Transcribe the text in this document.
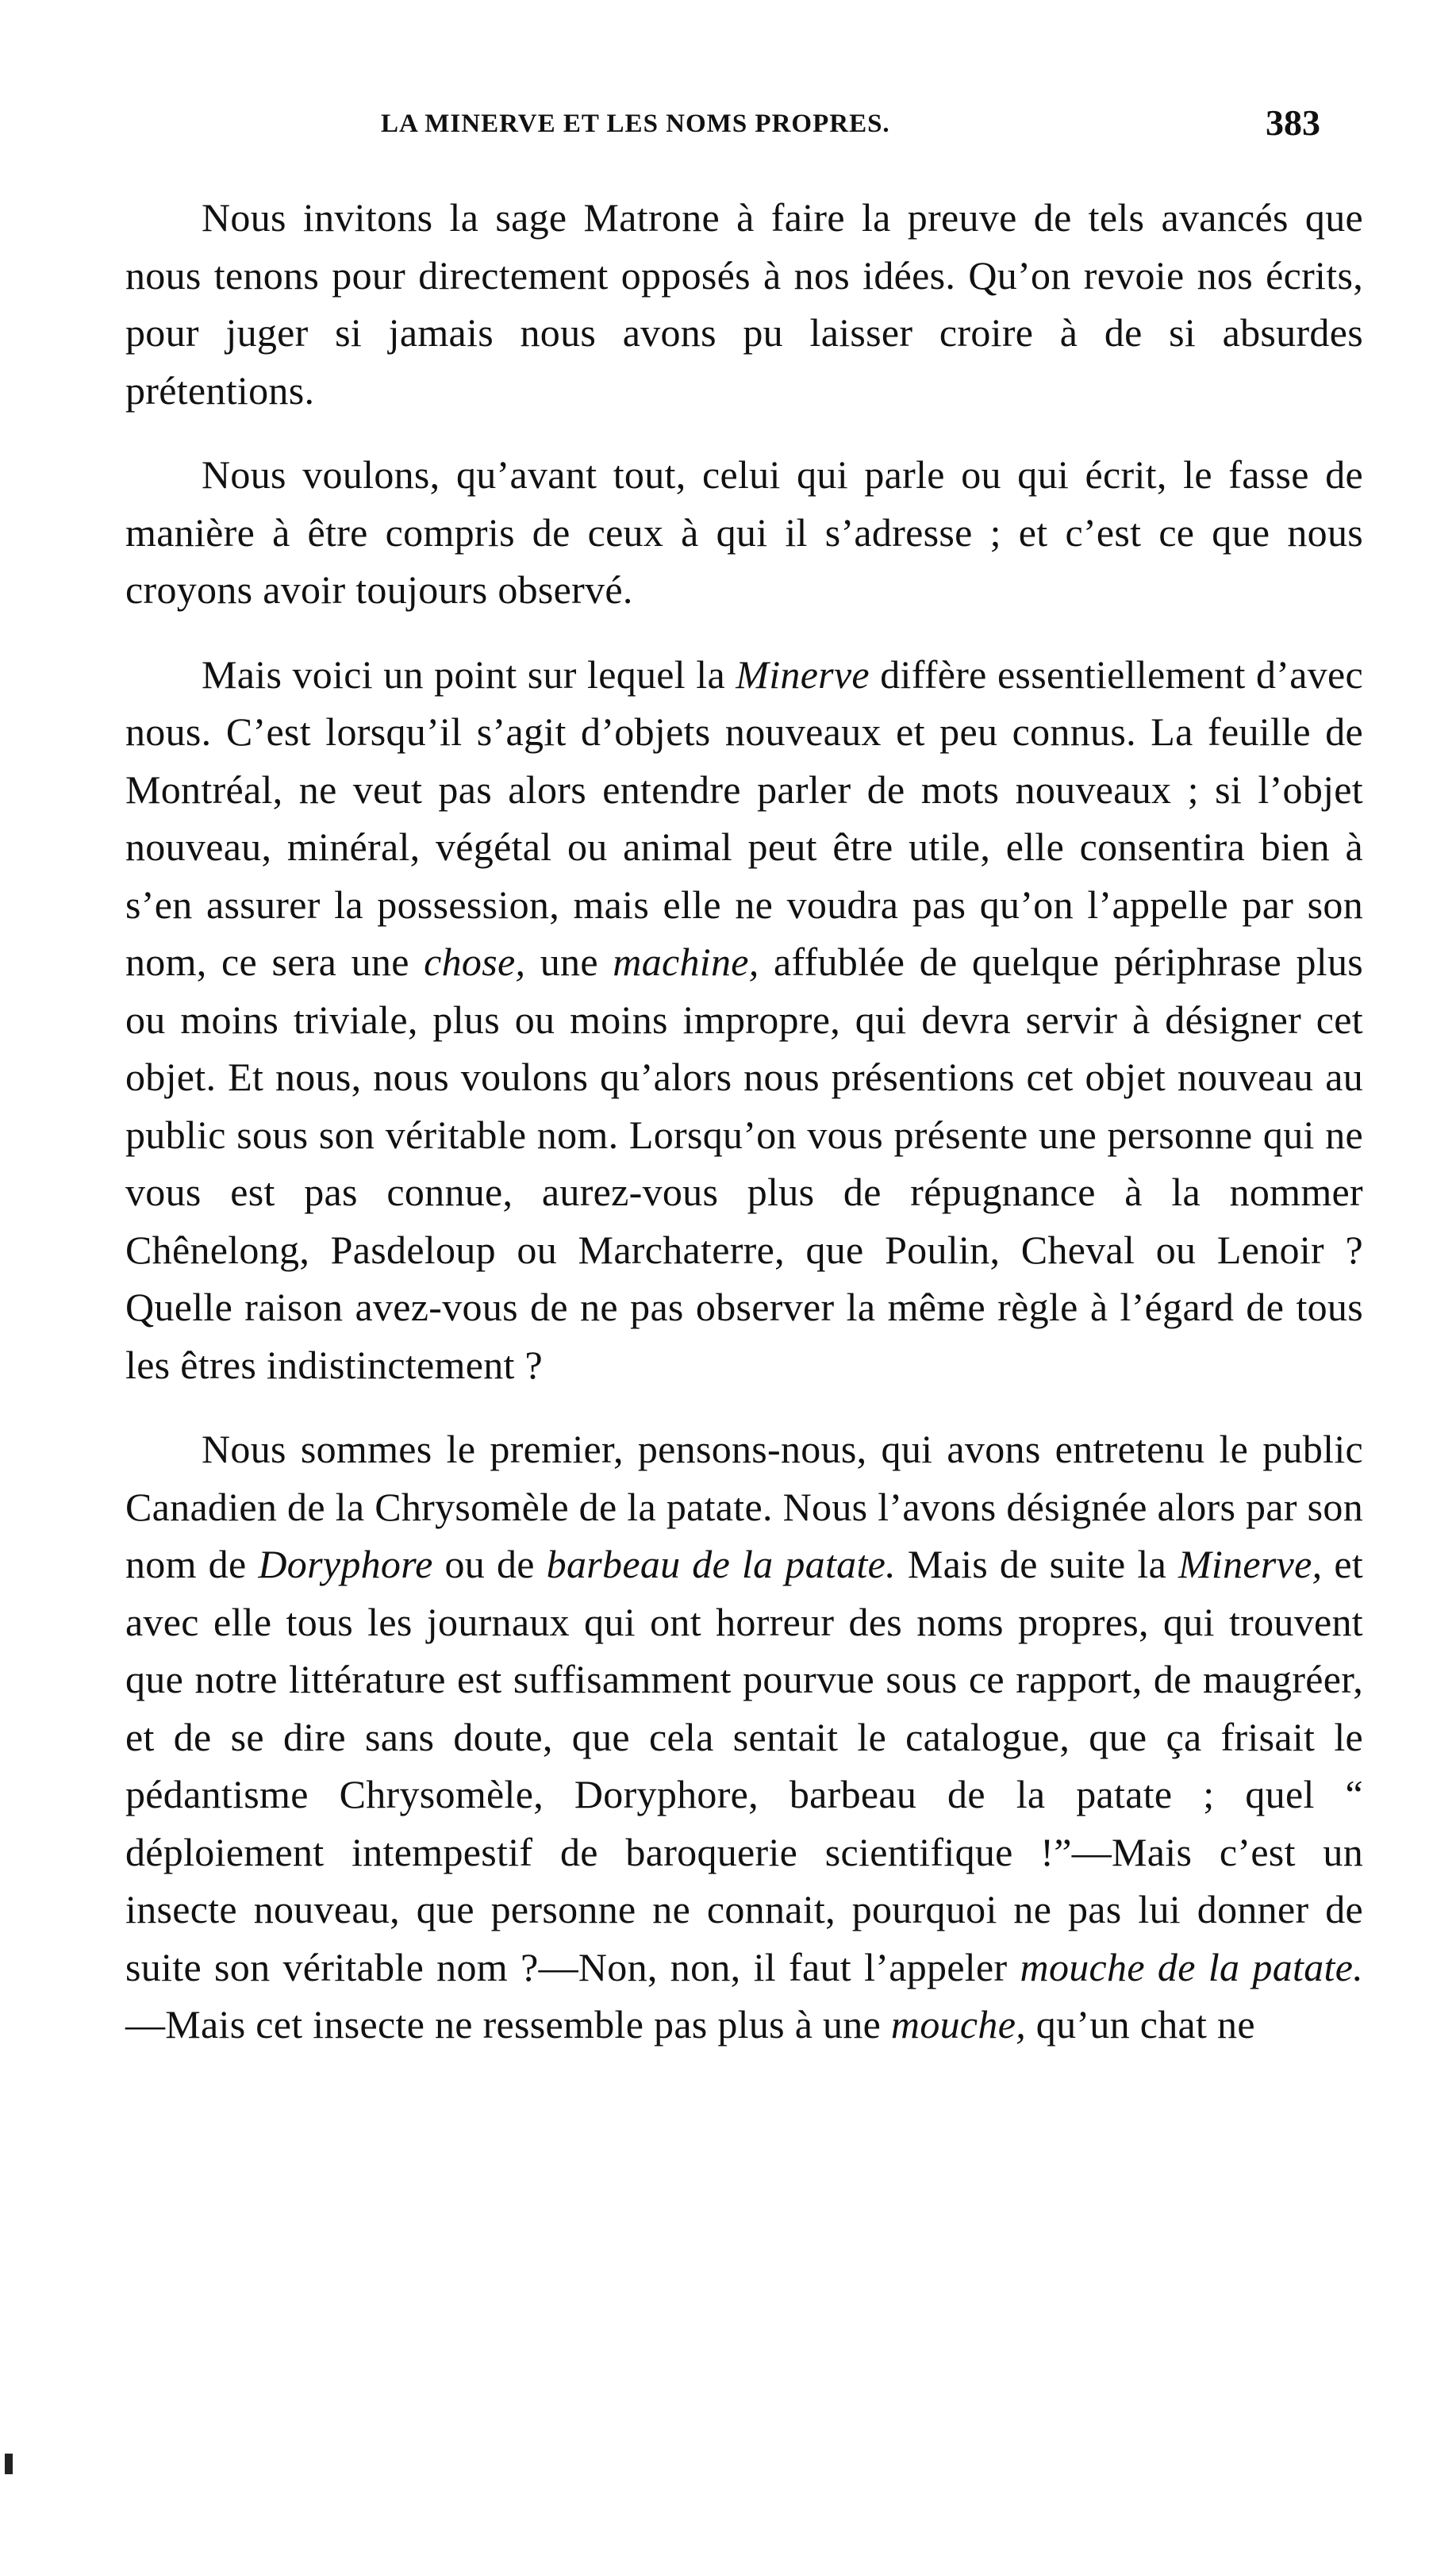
LA MINERVE ET LES NOMS PROPRES.	383

Nous invitons la sage Matrone à faire la preuve de tels avancés que nous tenons pour directement opposés à nos idées. Qu’on revoie nos écrits, pour juger si jamais nous avons pu laisser croire à de si absurdes prétentions.

Nous voulons, qu’avant tout, celui qui parle ou qui écrit, le fasse de manière à être compris de ceux à qui il s’adresse ; et c’est ce que nous croyons avoir toujours observé.

Mais voici un point sur lequel la Minerve diffère essentiellement d’avec nous. C’est lorsqu’il s’agit d’objets nouveaux et peu connus. La feuille de Montréal, ne veut pas alors entendre parler de mots nouveaux ; si l’objet nouveau, minéral, végétal ou animal peut être utile, elle consentira bien à s’en assurer la possession, mais elle ne voudra pas qu’on l’appelle par son nom, ce sera une chose, une machine, affublée de quelque périphrase plus ou moins triviale, plus ou moins impropre, qui devra servir à désigner cet objet. Et nous, nous voulons qu’alors nous présentions cet objet nouveau au public sous son véritable nom. Lorsqu’on vous présente une personne qui ne vous est pas connue, aurez-vous plus de répugnance à la nommer Chênelong, Pasdeloup ou Marchaterre, que Poulin, Cheval ou Lenoir ? Quelle raison avez-vous de ne pas observer la même règle à l’égard de tous les êtres indistinctement ?

Nous sommes le premier, pensons-nous, qui avons entretenu le public Canadien de la Chrysomèle de la patate. Nous l’avons désignée alors par son nom de Doryphore ou de barbeau de la patate. Mais de suite la Minerve, et avec elle tous les journaux qui ont horreur des noms propres, qui trouvent que notre littérature est suffisamment pourvue sous ce rapport, de maugréer, et de se dire sans doute, que cela sentait le catalogue, que ça frisait le pédantisme Chrysomèle, Doryphore, barbeau de la patate ; quel “ déploiement intempestif de baroquerie scientifique !”—Mais c’est un insecte nouveau, que personne ne connait, pourquoi ne pas lui donner de suite son véritable nom ?—Non, non, il faut l’appeler mouche de la patate.—Mais cet insecte ne ressemble pas plus à une mouche, qu’un chat ne
